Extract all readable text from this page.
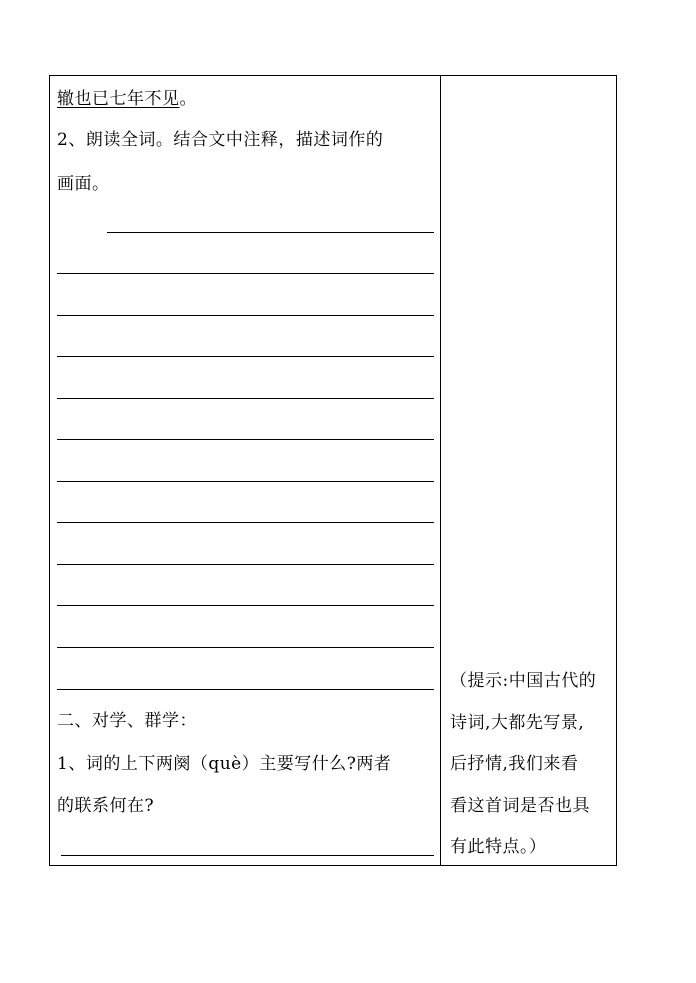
辙也已七年不见。
2、朗读全词。结合文中注释，描述词作的
画面。
二、对学、群学：
1、词的上下两阕（què）主要写什么?两者
的联系何在?
（提示:中国古代的
诗词,大都先写景,
后抒情,我们来看
看这首词是否也具
有此特点。）
